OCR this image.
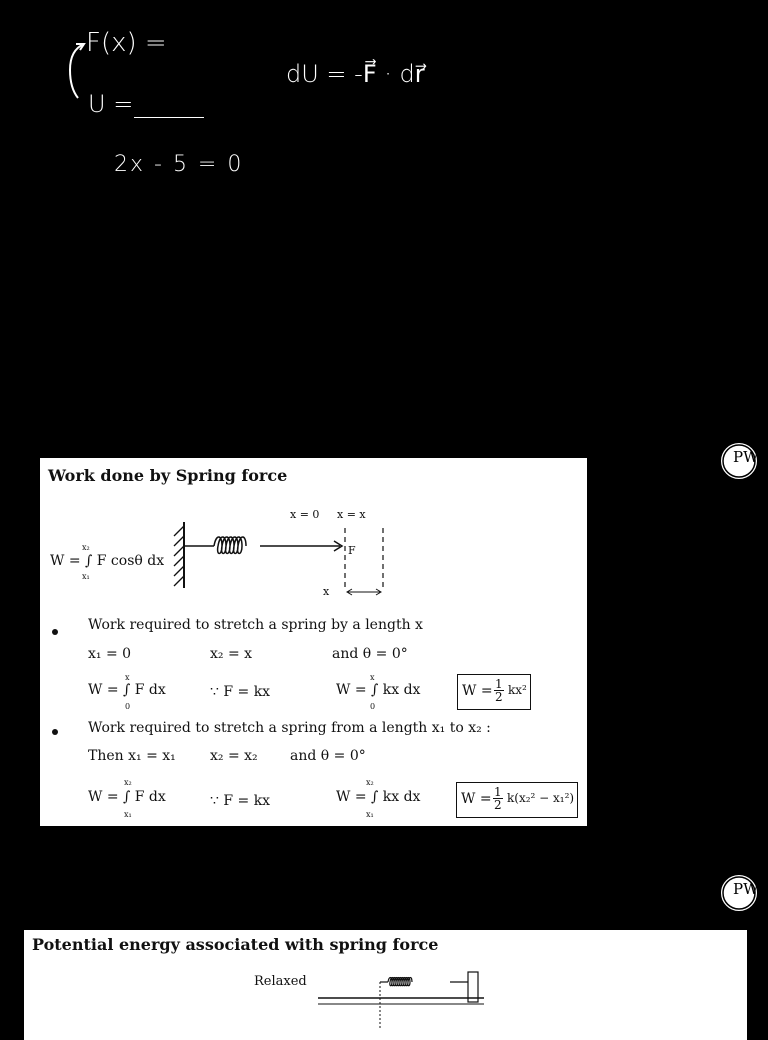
F(x) =
U =
dU = -F⃗ · dr⃗
2x - 5 = 0
PW
PW
Work done by Spring force
W = ∫ F cosθ dx
x₂
x₁
x = 0 x = x
F
x
Work required to stretch a spring by a length x
x₁ = 0	x₂ = x	and θ = 0°
W = ∫ F dx
x
0
∵ F = kx	W = ∫ kx dx
x
0
$W = \frac{1}{2} kx^2$
Work required to stretch a spring from a length x₁ to x₂ :
Then x₁ = x₁ x₂ = x₂ and θ = 0°
W = ∫ F dx
x₂
x₁
∵ F = kx	W = ∫ kx dx
x₂
x₁
$W = \frac{1}{2} k(x_2^2 - x_1^2)$
Potential energy associated with spring force
Relaxed
